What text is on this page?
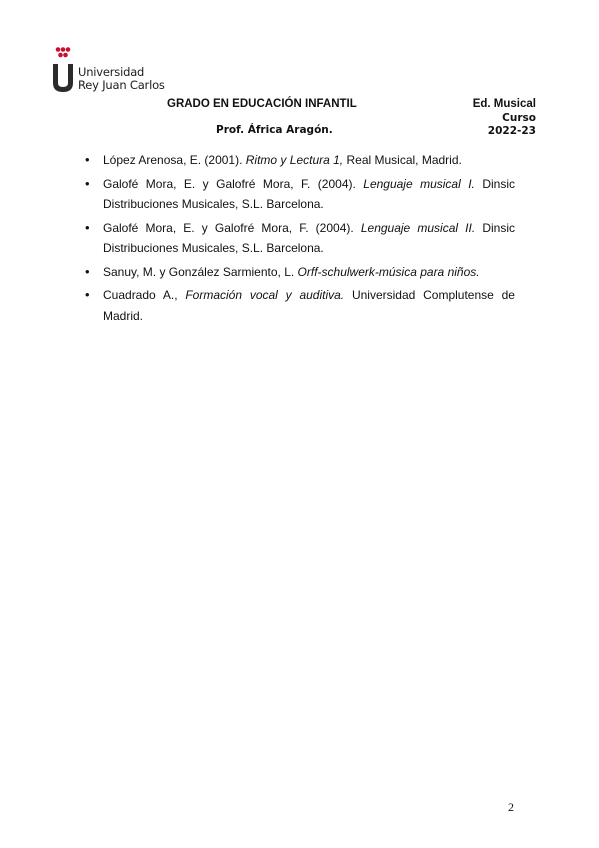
Universidad
Rey Juan Carlos
GRADO EN EDUCACIÓN INFANTIL	Ed. Musical
Curso
2022-23
Prof. África Aragón.
• López Arenosa, E. (2001). Ritmo y Lectura 1, Real Musical, Madrid.
• Galofé Mora, E. y Galofré Mora, F. (2004). Lenguaje musical I. Dinsic Distribuciones Musicales, S.L. Barcelona.
• Galofé Mora, E. y Galofré Mora, F. (2004). Lenguaje musical II. Dinsic Distribuciones Musicales, S.L. Barcelona.
• Sanuy, M. y González Sarmiento, L. Orff-schulwerk-música para niños.
• Cuadrado A., Formación vocal y auditiva. Universidad Complutense de Madrid.
2
